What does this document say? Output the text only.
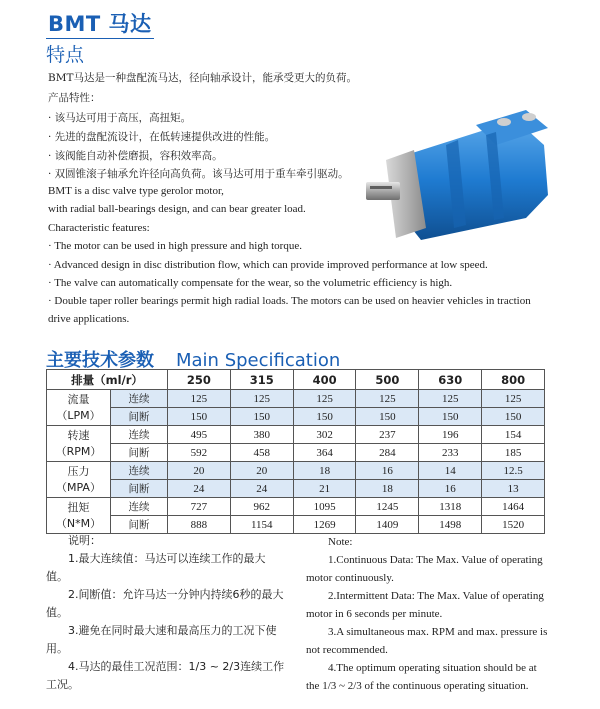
BMT 马达
特点
BMT马达是一种盘配流马达，径向轴承设计，能承受更大的负荷。
产品特性：
· 该马达可用于高压，高扭矩。
· 先进的盘配流设计，在低转速提供改进的性能。
· 该阀能自动补偿磨损，容积效率高。
· 双圆锥滚子轴承允许径向高负荷。该马达可用于重车牵引驱动。
BMT is a disc valve type gerolor motor,
with radial ball-bearings design, and can bear greater load.
Characteristic features:
· The motor can be used in high pressure and high torque.
· Advanced design in disc distribution flow, which can provide improved performance at low speed.
· The valve can automatically compensate for the wear, so the volumetric efficiency is high.
· Double taper roller bearings permit high radial loads. The motors can be used on heavier vehicles in traction
drive applications.
主要技术参数 Main Specification
排量（ml/r）		250	315	400	500	630	800
流量
（LPM）	连续	125	125	125	125	125	125
	间断	150	150	150	150	150	150
转速
（RPM）	连续	495	380	302	237	196	154
	间断	592	458	364	284	233	185
压力
（MPA）	连续	20	20	18	16	14	12.5
	间断	24	24	21	18	16	13
扭矩
（N*M）	连续	727	962	1095	1245	1318	1464
	间断	888	1154	1269	1409	1498	1520

说明：

1.最大连续值：马达可以连续工作的最大值。

2.间断值：允许马达一分钟内持续6秒的最大值。

3.避免在同时最大速和最高压力的工况下使用。

4.马达的最佳工况范围：1/3 ~ 2/3连续工作工况。

Note:

1.Continuous Data: The Max. Value of operating motor continuously.

2.Intermittent Data: The Max. Value of operating motor in 6 seconds per minute.

3.A simultaneous max. RPM and max. pressure is not recommended.

4.The optimum operating situation should be at the 1/3 ~ 2/3 of the continuous operating situation.
